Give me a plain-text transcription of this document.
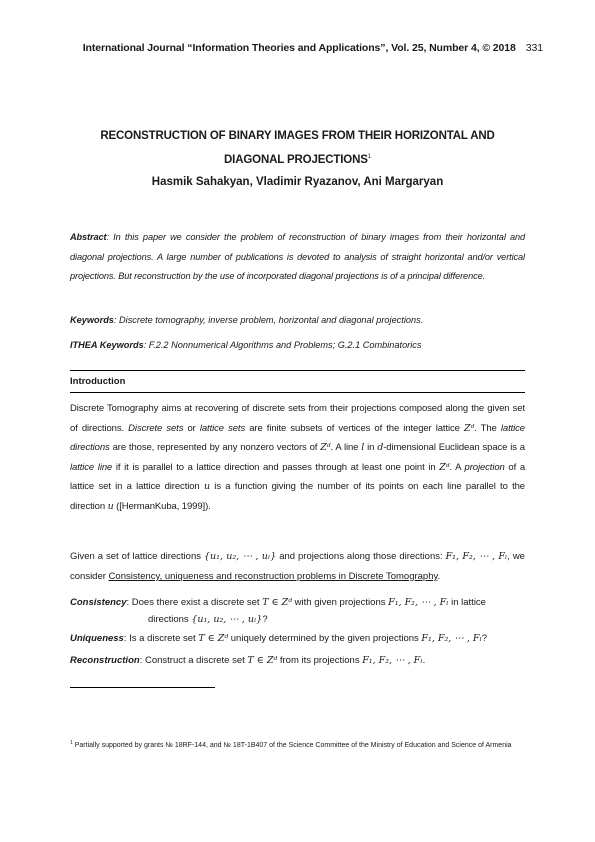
International Journal “Information Theories and Applications”, Vol. 25, Number 4, © 2018 331
RECONSTRUCTION OF BINARY IMAGES FROM THEIR HORIZONTAL AND
DIAGONAL PROJECTIONS$^1$
Hasmik Sahakyan, Vladimir Ryazanov, Ani Margaryan
Abstract: In this paper we consider the problem of reconstruction of binary images from their horizontal and diagonal projections. A large number of publications is devoted to analysis of straight horizontal and/or vertical projections. But reconstruction by the use of incorporated diagonal projections is of a principal difference.
Keywords: Discrete tomography, inverse problem, horizontal and diagonal projections.
ITHEA Keywords: F.2.2 Nonnumerical Algorithms and Problems; G.2.1 Combinatorics
Introduction
Discrete Tomography aims at recovering of discrete sets from their projections composed along the given set of directions. Discrete sets or lattice sets are finite subsets of vertices of the integer lattice Zᵈ. The lattice directions are those, represented by any nonzero vectors of Zᵈ. A line l in d-dimensional Euclidean space is a lattice line if it is parallel to a lattice direction and passes through at least one point in Zᵈ. A projection of a lattice set in a lattice direction u is a function giving the number of its points on each line parallel to the direction u ([HermanKuba, 1999]).
Given a set of lattice directions {u₁, u₂, ⋯ , uₗ} and projections along those directions: F₁, F₂, ⋯ , Fₗ, we consider Consistency, uniqueness and reconstruction problems in Discrete Tomography.
Consistency: Does there exist a discrete set T ∈ Zᵈ with given projections F₁, F₂, ⋯ , Fₗ in lattice directions {u₁, u₂, ⋯ , uₗ}?
Uniqueness: Is a discrete set T ∈ Zᵈ uniquely determined by the given projections F₁, F₂, ⋯ , Fₗ?
Reconstruction: Construct a discrete set T ∈ Zᵈ from its projections F₁, F₂, ⋯ , Fₗ.
$^1$ Partially supported by grants № 18RF-144, and № 18T-1B407 of the Science Committee of the Ministry of Education and Science of Armenia
